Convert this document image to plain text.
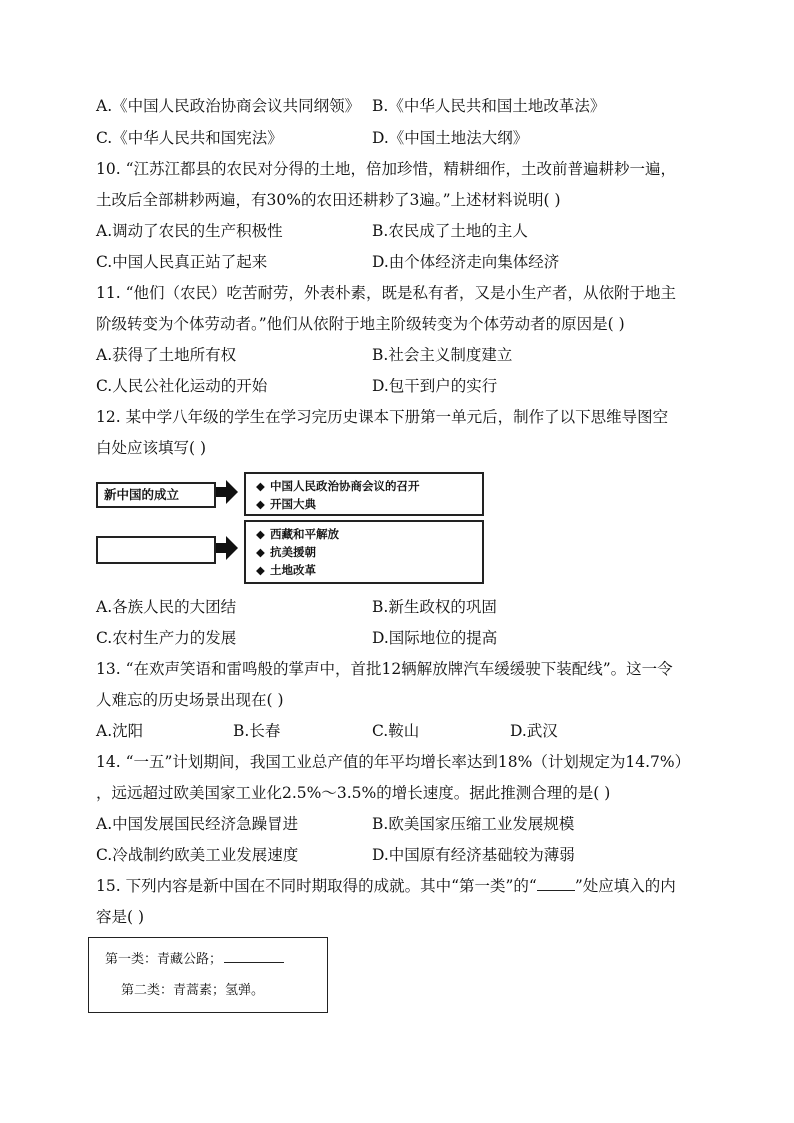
A.《中国人民政治协商会议共同纲领》 B.《中华人民共和国土地改革法》
C.《中华人民共和国宪法》	D.《中国土地法大纲》
10. “江苏江都县的农民对分得的土地，倍加珍惜，精耕细作，土改前普遍耕耖一遍，
土改后全部耕耖两遍，有30%的农田还耕耖了3遍。”上述材料说明( )
A.调动了农民的生产积极性	B.农民成了土地的主人
C.中国人民真正站了起来	D.由个体经济走向集体经济
11. “他们（农民）吃苦耐劳，外表朴素，既是私有者，又是小生产者，从依附于地主
阶级转变为个体劳动者。”他们从依附于地主阶级转变为个体劳动者的原因是( )
A.获得了土地所有权	B.社会主义制度建立
C.人民公社化运动的开始	D.包干到户的实行
12. 某中学八年级的学生在学习完历史课本下册第一单元后，制作了以下思维导图空
白处应该填写( )
新中国的成立
◆ 中国人民政治协商会议的召开
◆ 开国大典
◆ 西藏和平解放
◆ 抗美援朝
◆ 土地改革
A.各族人民的大团结	B.新生政权的巩固
C.农村生产力的发展	D.国际地位的提高
13. “在欢声笑语和雷鸣般的掌声中，首批12辆解放牌汽车缓缓驶下装配线”。这一令
人难忘的历史场景出现在( )
A.沈阳	B.长春	C.鞍山	D.武汉
14. “一五”计划期间，我国工业总产值的年平均增长率达到18%（计划规定为14.7%）
，远远超过欧美国家工业化2.5%～3.5%的增长速度。据此推测合理的是( )
A.中国发展国民经济急躁冒进	B.欧美国家压缩工业发展规模
C.冷战制约欧美工业发展速度	D.中国原有经济基础较为薄弱
15. 下列内容是新中国在不同时期取得的成就。其中“第一类”的“ ”处应填入的内
容是( )
第一类：青藏公路；
第二类：青蒿素；氢弹。
